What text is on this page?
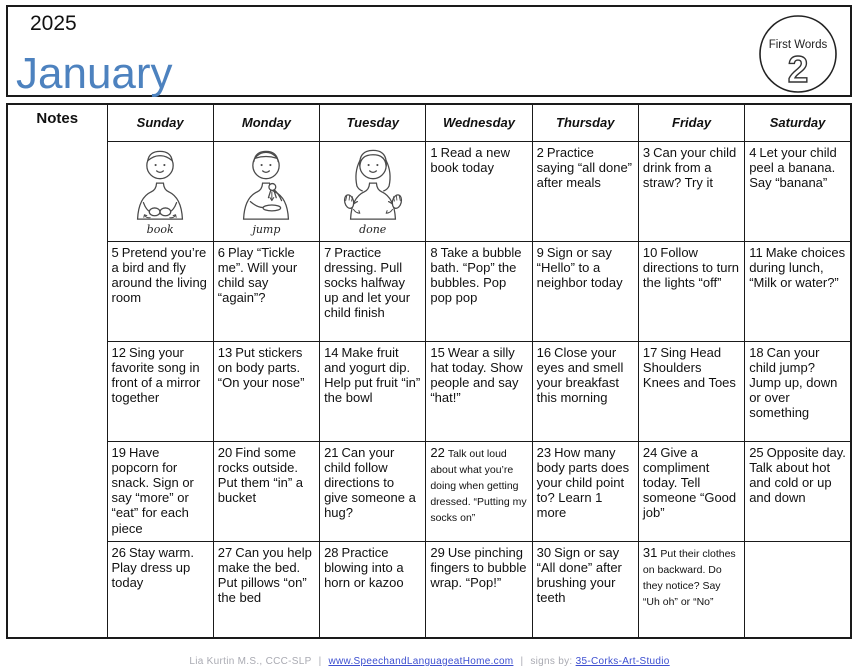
2025
January
First Words
2
Notes	Sunday	Monday	Tuesday	Wednesday	Thursday	Friday	Saturday

	book	jump	done	1 Read a new book today	2 Practice saying “all done” after meals	3 Can your child drink from a straw? Try it	4 Let your child peel a banana. Say “banana”
	5 Pretend you’re a bird and fly around the living room	6 Play “Tickle me”. Will your child say “again”?	7 Practice dressing. Pull socks halfway up and let your child finish	8 Take a bubble bath. “Pop” the bubbles. Pop pop pop	9 Sign or say “Hello” to a neighbor today	10 Follow directions to turn the lights “off”	11 Make choices during lunch, “Milk or water?”
	12 Sing your favorite song in front of a mirror together	13 Put stickers on body parts. “On your nose”	14 Make fruit and yogurt dip. Help put fruit “in” the bowl	15 Wear a silly hat today. Show people and say “hat!”	16 Close your eyes and smell your breakfast this morning	17 Sing Head Shoulders Knees and Toes	18 Can your child jump? Jump up, down or over something
	19 Have popcorn for snack. Sign or say “more” or “eat” for each piece	20 Find some rocks outside. Put them “in” a bucket	21 Can your child follow directions to give someone a hug?	22 Talk out loud about what you’re doing when getting dressed. “Putting my socks on”	23 How many body parts does your child point to? Learn 1 more	24 Give a compliment today. Tell someone “Good job”	25 Opposite day. Talk about hot and cold or up and down
	26 Stay warm. Play dress up today	27 Can you help make the bed. Put pillows “on” the bed	28 Practice blowing into a horn or kazoo	29 Use pinching fingers to bubble wrap. “Pop!”	30 Sign or say “All done” after brushing your teeth	31 Put their clothes on backward. Do they notice? Say “Uh oh” or “No”	
Lia Kurtin M.S., CCC-SLP | www.SpeechandLanguageatHome.com | signs by: 35-Corks-Art-Studio
